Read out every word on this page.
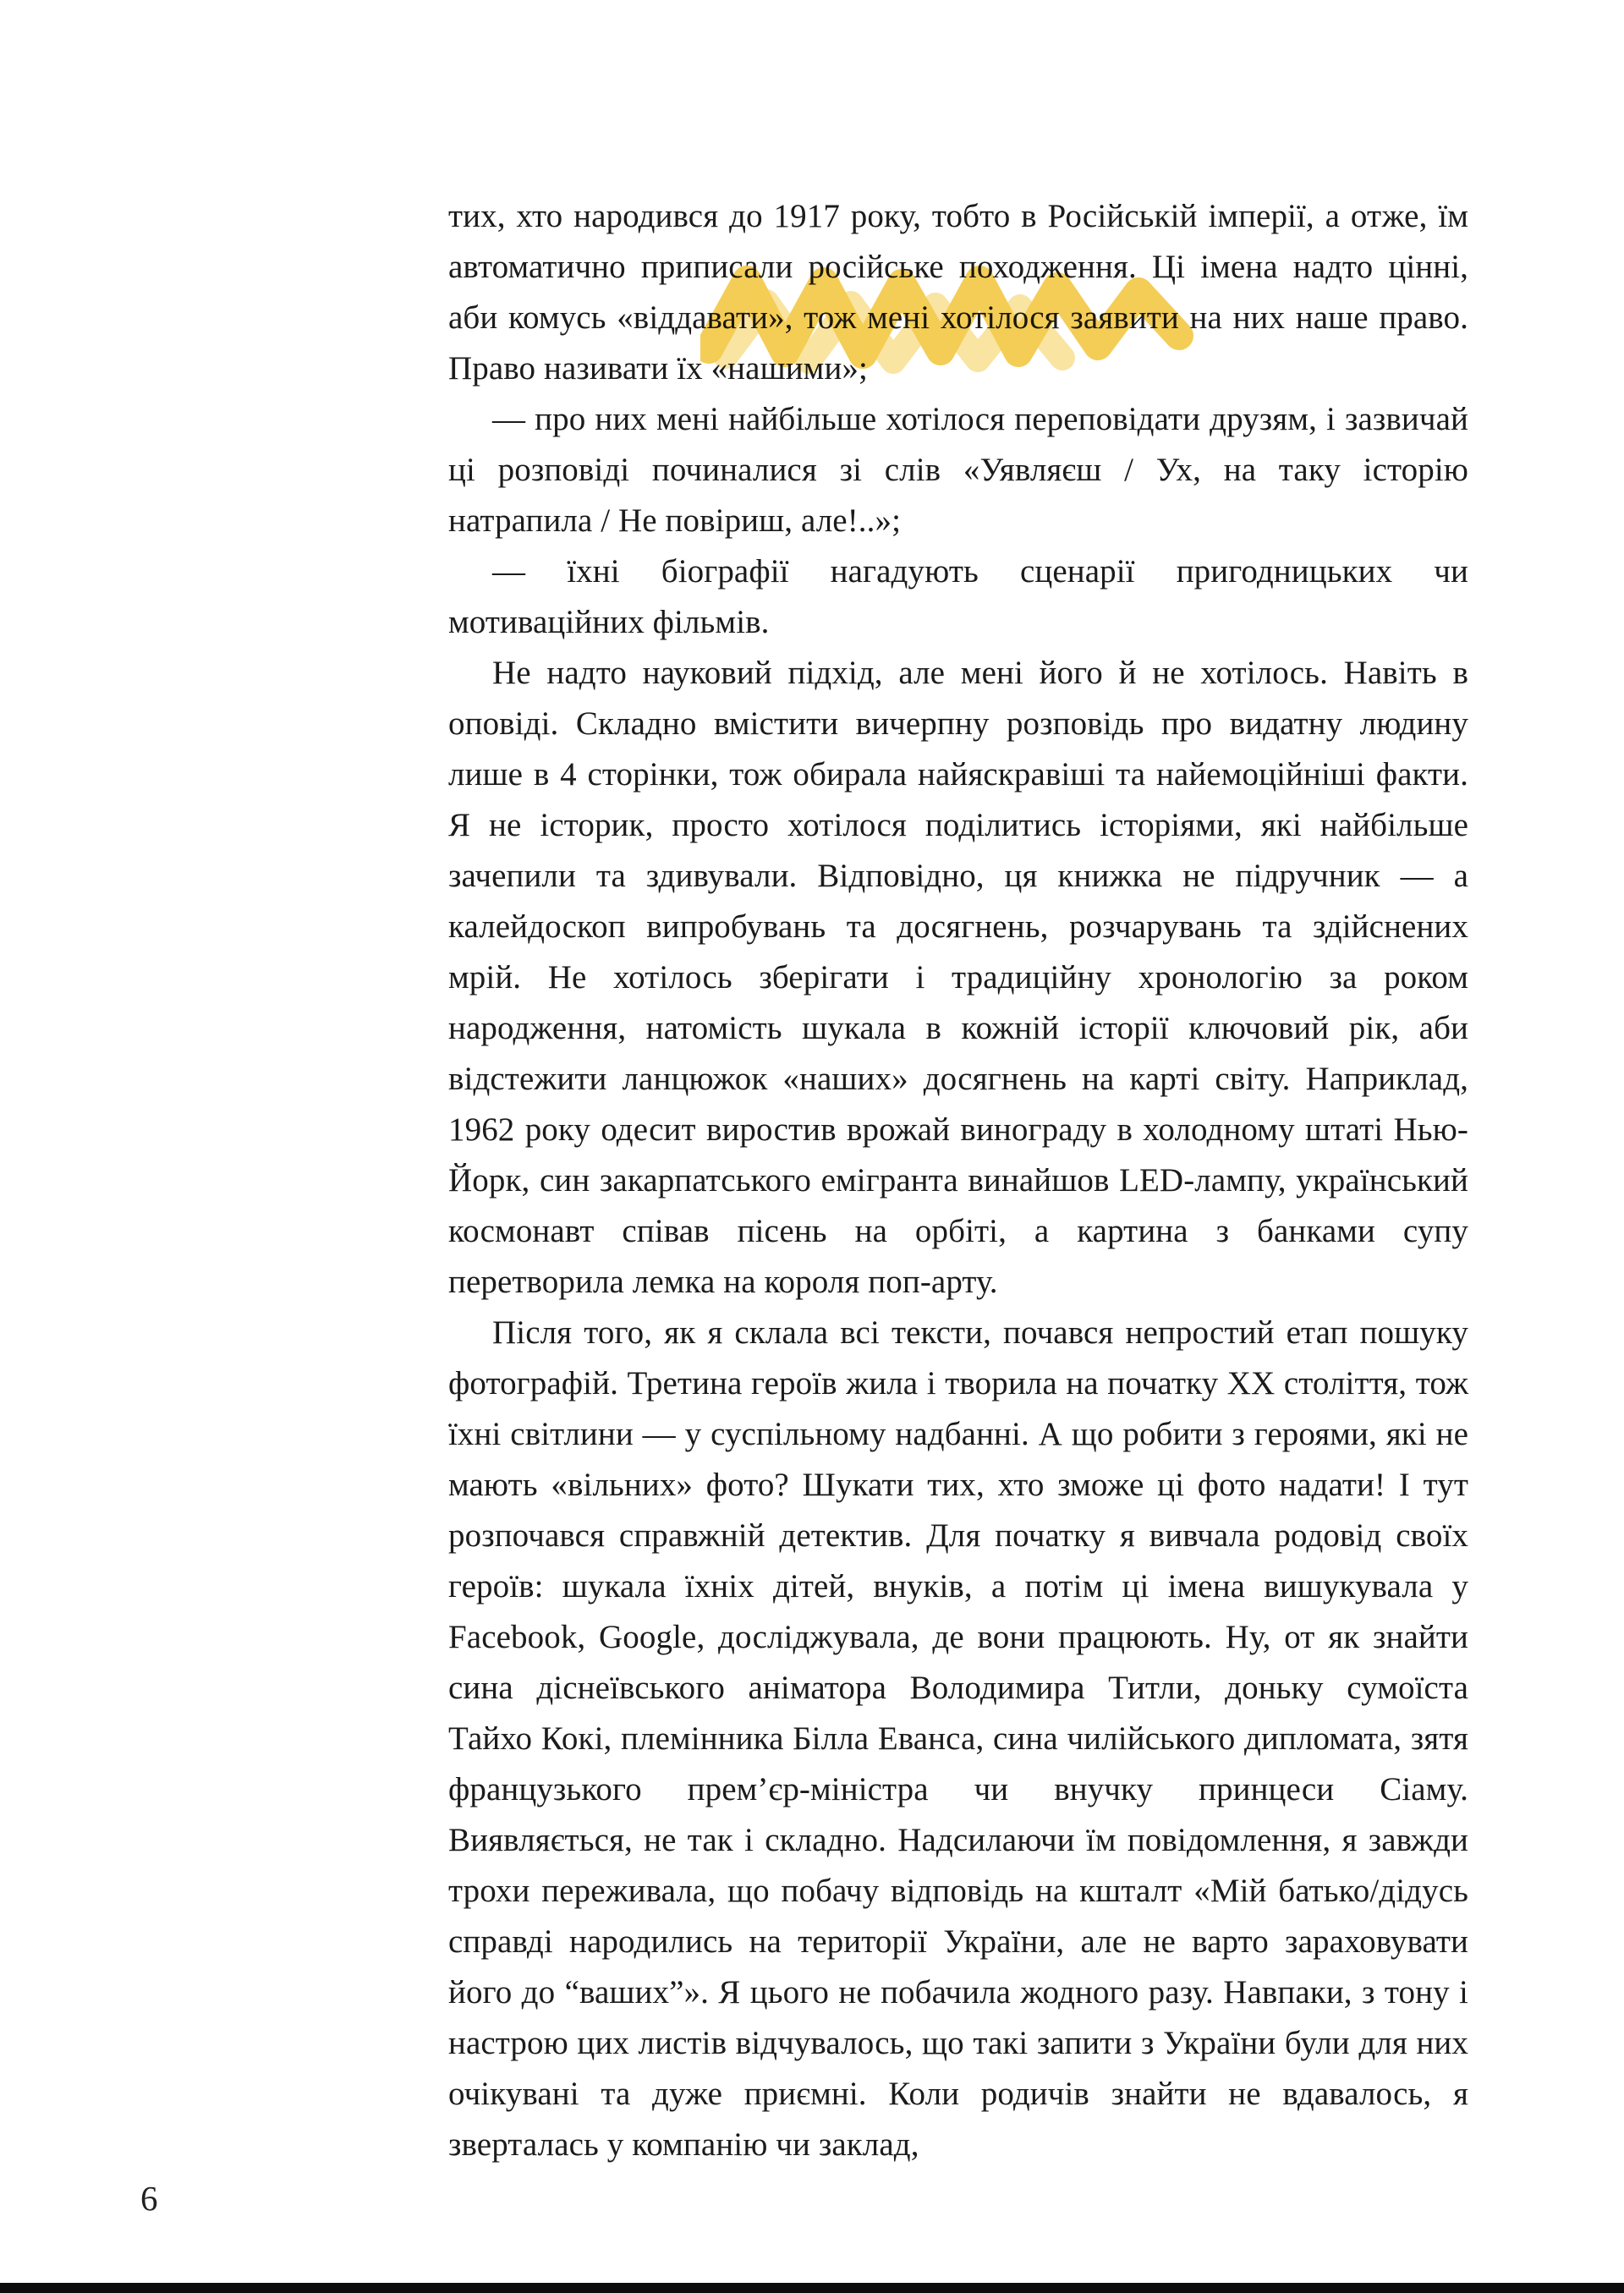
тих, хто народився до 1917 року, тобто в Російській імперії, а отже, їм автоматично приписали російське походження. Ці імена надто цінні, аби комусь «віддавати», тож мені хотілося заявити на них наше право. Право називати їх «нашими»;

— про них мені найбільше хотілося переповідати друзям, і зазвичай ці розповіді починалися зі слів «Уявляєш / Ух, на таку історію натрапила / Не повіриш, але!..»;

— їхні біографії нагадують сценарії пригодницьких чи мотиваційних фільмів.

Не надто науковий підхід, але мені його й не хотілось. Навіть в оповіді. Складно вмістити вичерпну розповідь про видатну людину лише в 4 сторінки, тож обирала найяскравіші та найемоційніші факти. Я не історик, просто хотілося поділитись історіями, які найбільше зачепили та здивували. Відповідно, ця книжка не підручник — а калейдоскоп випробувань та досягнень, розчарувань та здійснених мрій. Не хотілось зберігати і традиційну хронологію за роком народження, натомість шукала в кожній історії ключовий рік, аби відстежити ланцюжок «наших» досягнень на карті світу. Наприклад, 1962 року одесит виростив врожай винограду в холодному штаті Нью-Йорк, син закарпатського емігранта винайшов LED-лампу, український космонавт співав пісень на орбіті, а картина з банками супу перетворила лемка на короля поп-арту.

Після того, як я склала всі тексти, почався непростий етап пошуку фотографій. Третина героїв жила і творила на початку XX століття, тож їхні світлини — у суспільному надбанні. А що робити з героями, які не мають «вільних» фото? Шукати тих, хто зможе ці фото надати! І тут розпочався справжній детектив. Для початку я вивчала родовід своїх героїв: шукала їхніх дітей, внуків, а потім ці імена вишукувала у Facebook, Google, досліджувала, де вони працюють. Ну, от як знайти сина діснеївського аніматора Володимира Титли, доньку сумоїста Тайхо Кокі, племінника Білла Еванса, сина чилійського дипломата, зятя французького прем’єр-міністра чи внучку принцеси Сіаму. Виявляється, не так і складно. Надсилаючи їм повідомлення, я завжди трохи переживала, що побачу відповідь на кшталт «Мій батько/дідусь справді народились на території України, але не варто зараховувати його до “ваших”». Я цього не побачила жодного разу. Навпаки, з тону і настрою цих листів відчувалось, що такі запити з України були для них очікувані та дуже приємні. Коли родичів знайти не вдавалось, я зверталась у компанію чи заклад,

6
